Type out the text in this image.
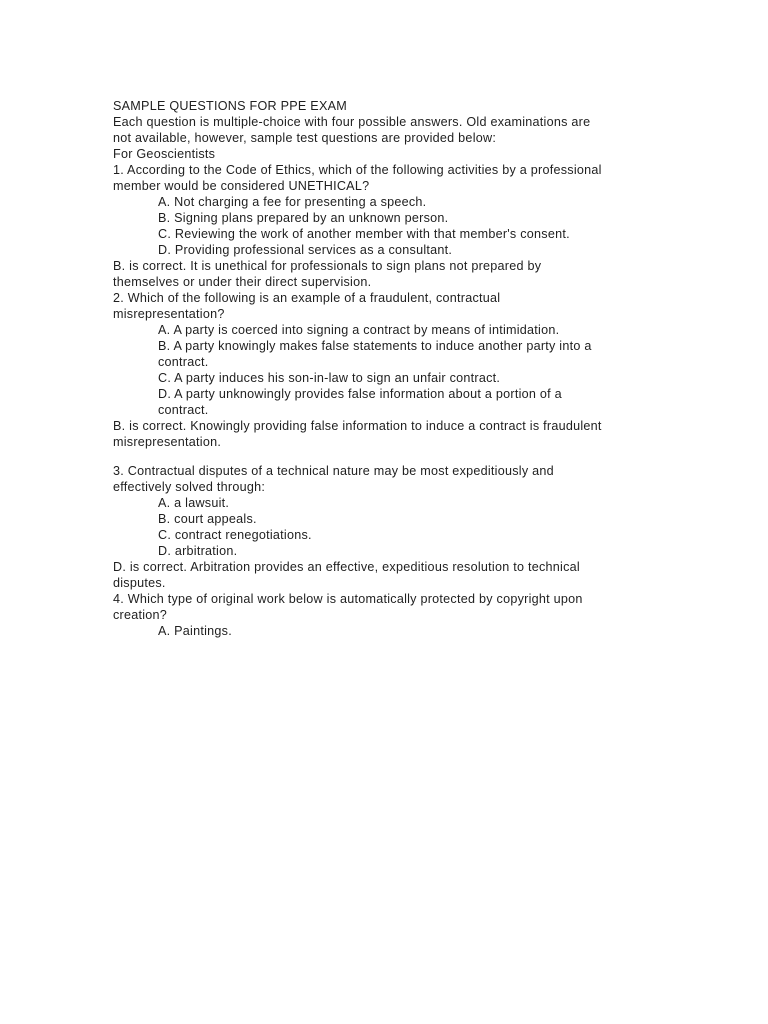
SAMPLE QUESTIONS FOR PPE EXAM

Each question is multiple-choice with four possible answers. Old examinations are
not available, however, sample test questions are provided below:

For Geoscientists

1. According to the Code of Ethics, which of the following activities by a professional
member would be considered UNETHICAL?

A. Not charging a fee for presenting a speech.

B. Signing plans prepared by an unknown person.

C. Reviewing the work of another member with that member's consent.

D. Providing professional services as a consultant.

B. is correct. It is unethical for professionals to sign plans not prepared by
themselves or under their direct supervision.

2. Which of the following is an example of a fraudulent, contractual
misrepresentation?

A. A party is coerced into signing a contract by means of intimidation.

B. A party knowingly makes false statements to induce another party into a
contract.

C. A party induces his son-in-law to sign an unfair contract.

D. A party unknowingly provides false information about a portion of a
contract.

B. is correct. Knowingly providing false information to induce a contract is fraudulent
misrepresentation.

3. Contractual disputes of a technical nature may be most expeditiously and
effectively solved through:

A. a lawsuit.

B. court appeals.

C. contract renegotiations.

D. arbitration.

D. is correct. Arbitration provides an effective, expeditious resolution to technical
disputes.

4. Which type of original work below is automatically protected by copyright upon
creation?

A. Paintings.
